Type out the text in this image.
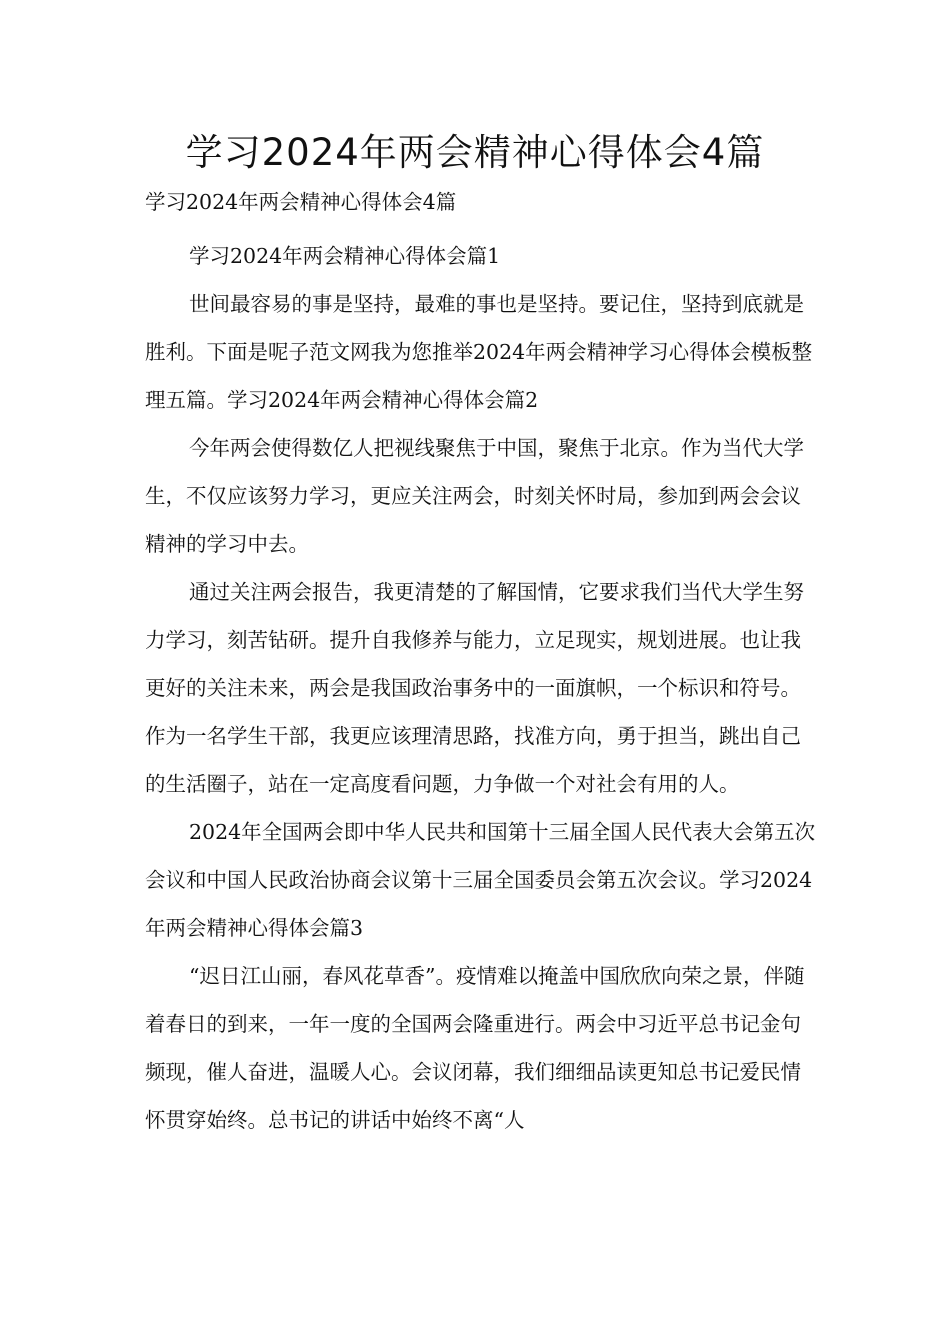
学习2024年两会精神心得体会4篇

学习2024年两会精神心得体会4篇

学习2024年两会精神心得体会篇1

世间最容易的事是坚持，最难的事也是坚持。要记住，坚持到底就是胜利。下面是呢子范文网我为您推举2024年两会精神学习心得体会模板整理五篇。学习2024年两会精神心得体会篇2

今年两会使得数亿人把视线聚焦于中国，聚焦于北京。作为当代大学生，不仅应该努力学习，更应关注两会，时刻关怀时局，参加到两会会议精神的学习中去。

通过关注两会报告，我更清楚的了解国情，它要求我们当代大学生努力学习，刻苦钻研。提升自我修养与能力，立足现实，规划进展。也让我更好的关注未来，两会是我国政治事务中的一面旗帜，一个标识和符号。作为一名学生干部，我更应该理清思路，找准方向，勇于担当，跳出自己的生活圈子，站在一定高度看问题，力争做一个对社会有用的人。

2024年全国两会即中华人民共和国第十三届全国人民代表大会第五次会议和中国人民政治协商会议第十三届全国委员会第五次会议。学习2024年两会精神心得体会篇3

“迟日江山丽，春风花草香”。疫情难以掩盖中国欣欣向荣之景，伴随着春日的到来，一年一度的全国两会隆重进行。两会中习近平总书记金句频现，催人奋进，温暖人心。会议闭幕，我们细细品读更知总书记爱民情怀贯穿始终。总书记的讲话中始终不离“人
